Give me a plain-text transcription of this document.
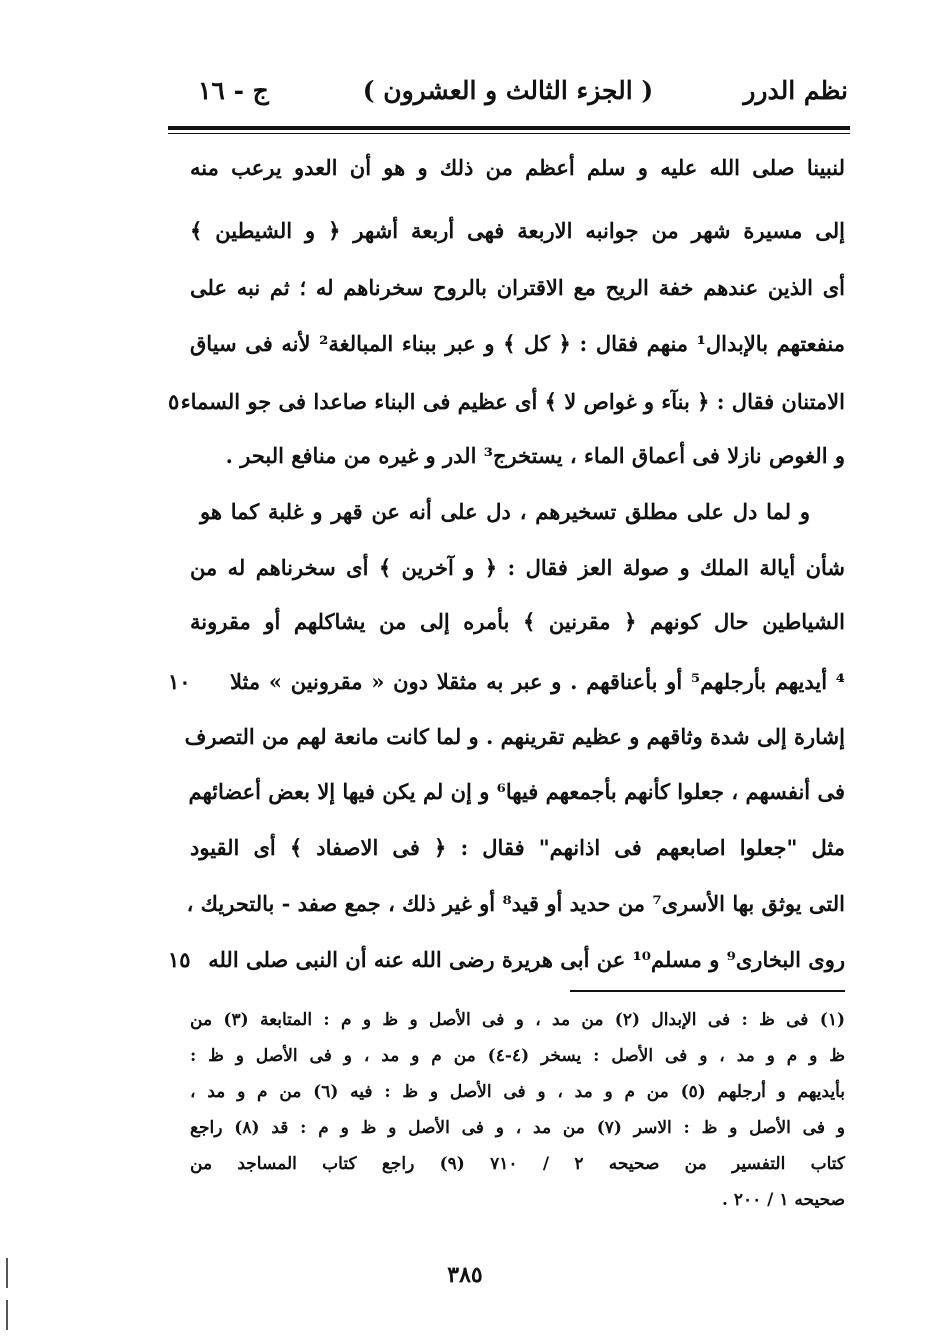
نظم الدرر
( الجزء الثالث و العشرون )
ج - ١٦
لنبينا صلى الله عليه و سلم أعظم من ذلك و هو أن العدو يرعب منه
إلى مسيرة شهر من جوانبه الاربعة فهى أربعة أشهر ﴿ و الشيطين ﴾
أى الذين عندهم خفة الريح مع الاقتران بالروح سخرناهم له ؛ ثم نبه على
منفعتهم بالإبدال¹ منهم فقال : ﴿ كل ﴾ و عبر ببناء المبالغة² لأنه فى سياق
الامتنان فقال : ﴿ بنآء و غواص لا ﴾ أى عظيم فى البناء صاعدا فى جو السماء
٥
و الغوص نازلا فى أعماق الماء ، يستخرج³ الدر و غيره من منافع البحر .
و لما دل على مطلق تسخيرهم ، دل على أنه عن قهر و غلبة كما هو
شأن أيالة الملك و صولة العز فقال : ﴿ و آخرين ﴾ أى سخرناهم له من
الشياطين حال كونهم ﴿ مقرنين ﴾ بأمره إلى من يشاكلهم أو مقرونة
⁴ أيديهم بأرجلهم⁵ أو بأعناقهم . و عبر به مثقلا دون « مقرونين » مثلا
١٠
إشارة إلى شدة وثاقهم و عظيم تقرينهم . و لما كانت مانعة لهم من التصرف
فى أنفسهم ، جعلوا كأنهم بأجمعهم فيها⁶ و إن لم يكن فيها إلا بعض أعضائهم
مثل "جعلوا اصابعهم فى اذانهم" فقال : ﴿ فى الاصفاد ﴾ أى القيود
التى يوثق بها الأسرى⁷ من حديد أو قيد⁸ أو غير ذلك ، جمع صفد - بالتحريك ،
روى البخارى⁹ و مسلم¹⁰ عن أبى هريرة رضى الله عنه أن النبى صلى الله
١٥
(١) فى ظ : فى الإبدال (٢) من مد ، و فى الأصل و ظ و م : المتابعة (٣) من
ظ و م و مد ، و فى الأصل : يسخر (٤-٤) من م و مد ، و فى الأصل و ظ :
بأيديهم و أرجلهم (٥) من م و مد ، و فى الأصل و ظ : فيه (٦) من م و مد ،
و فى الأصل و ظ : الاسر (٧) من مد ، و فى الأصل و ظ و م : قد (٨) راجع
كتاب التفسير من صحيحه ٢ / ٧١٠ (٩) راجع كتاب المساجد من
صحيحه ١ / ٢٠٠ .
٣٨٥
